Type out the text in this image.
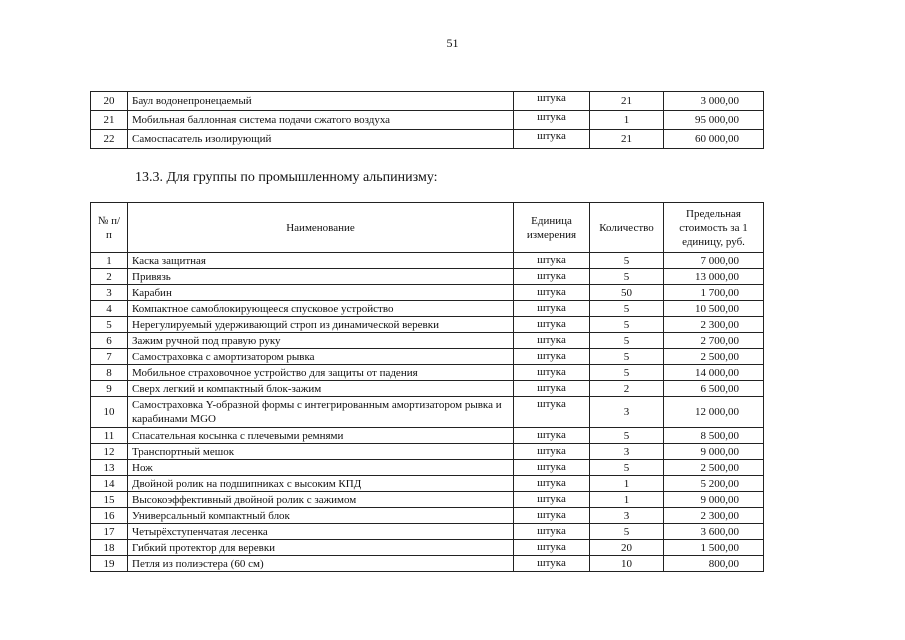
51
20	Баул водонепронецаемый	штука	21	3 000,00
21	Мобильная баллонная система подачи сжатого воздуха	штука	1	95 000,00
22	Самоспасатель изолирующий	штука	21	60 000,00
13.3. Для группы по промышленному альпинизму:
№ п/п	Наименование	Единица измерения	Количество	Предельная стоимость за 1 единицу, руб.
1	Каска защитная	штука	5	7 000,00
2	Привязь	штука	5	13 000,00
3	Карабин	штука	50	1 700,00
4	Компактное самоблокирующееся спусковое устройство	штука	5	10 500,00
5	Нерегулируемый удерживающий строп из динамической веревки	штука	5	2 300,00
6	Зажим ручной под правую руку	штука	5	2 700,00
7	Самостраховка с амортизатором рывка	штука	5	2 500,00
8	Мобильное страховочное устройство для защиты от падения	штука	5	14 000,00
9	Сверх легкий и компактный блок-зажим	штука	2	6 500,00
10	Самостраховка Y-образной формы с интегрированным амортизатором рывка и карабинами MGO	штука	3	12 000,00
11	Спасательная косынка с плечевыми ремнями	штука	5	8 500,00
12	Транспортный мешок	штука	3	9 000,00
13	Нож	штука	5	2 500,00
14	Двойной ролик на подшипниках с высоким КПД	штука	1	5 200,00
15	Высокоэффективный двойной ролик с зажимом	штука	1	9 000,00
16	Универсальный компактный блок	штука	3	2 300,00
17	Четырёхступенчатая лесенка	штука	5	3 600,00
18	Гибкий протектор для веревки	штука	20	1 500,00
19	Петля из полиэстера (60 см)	штука	10	800,00
